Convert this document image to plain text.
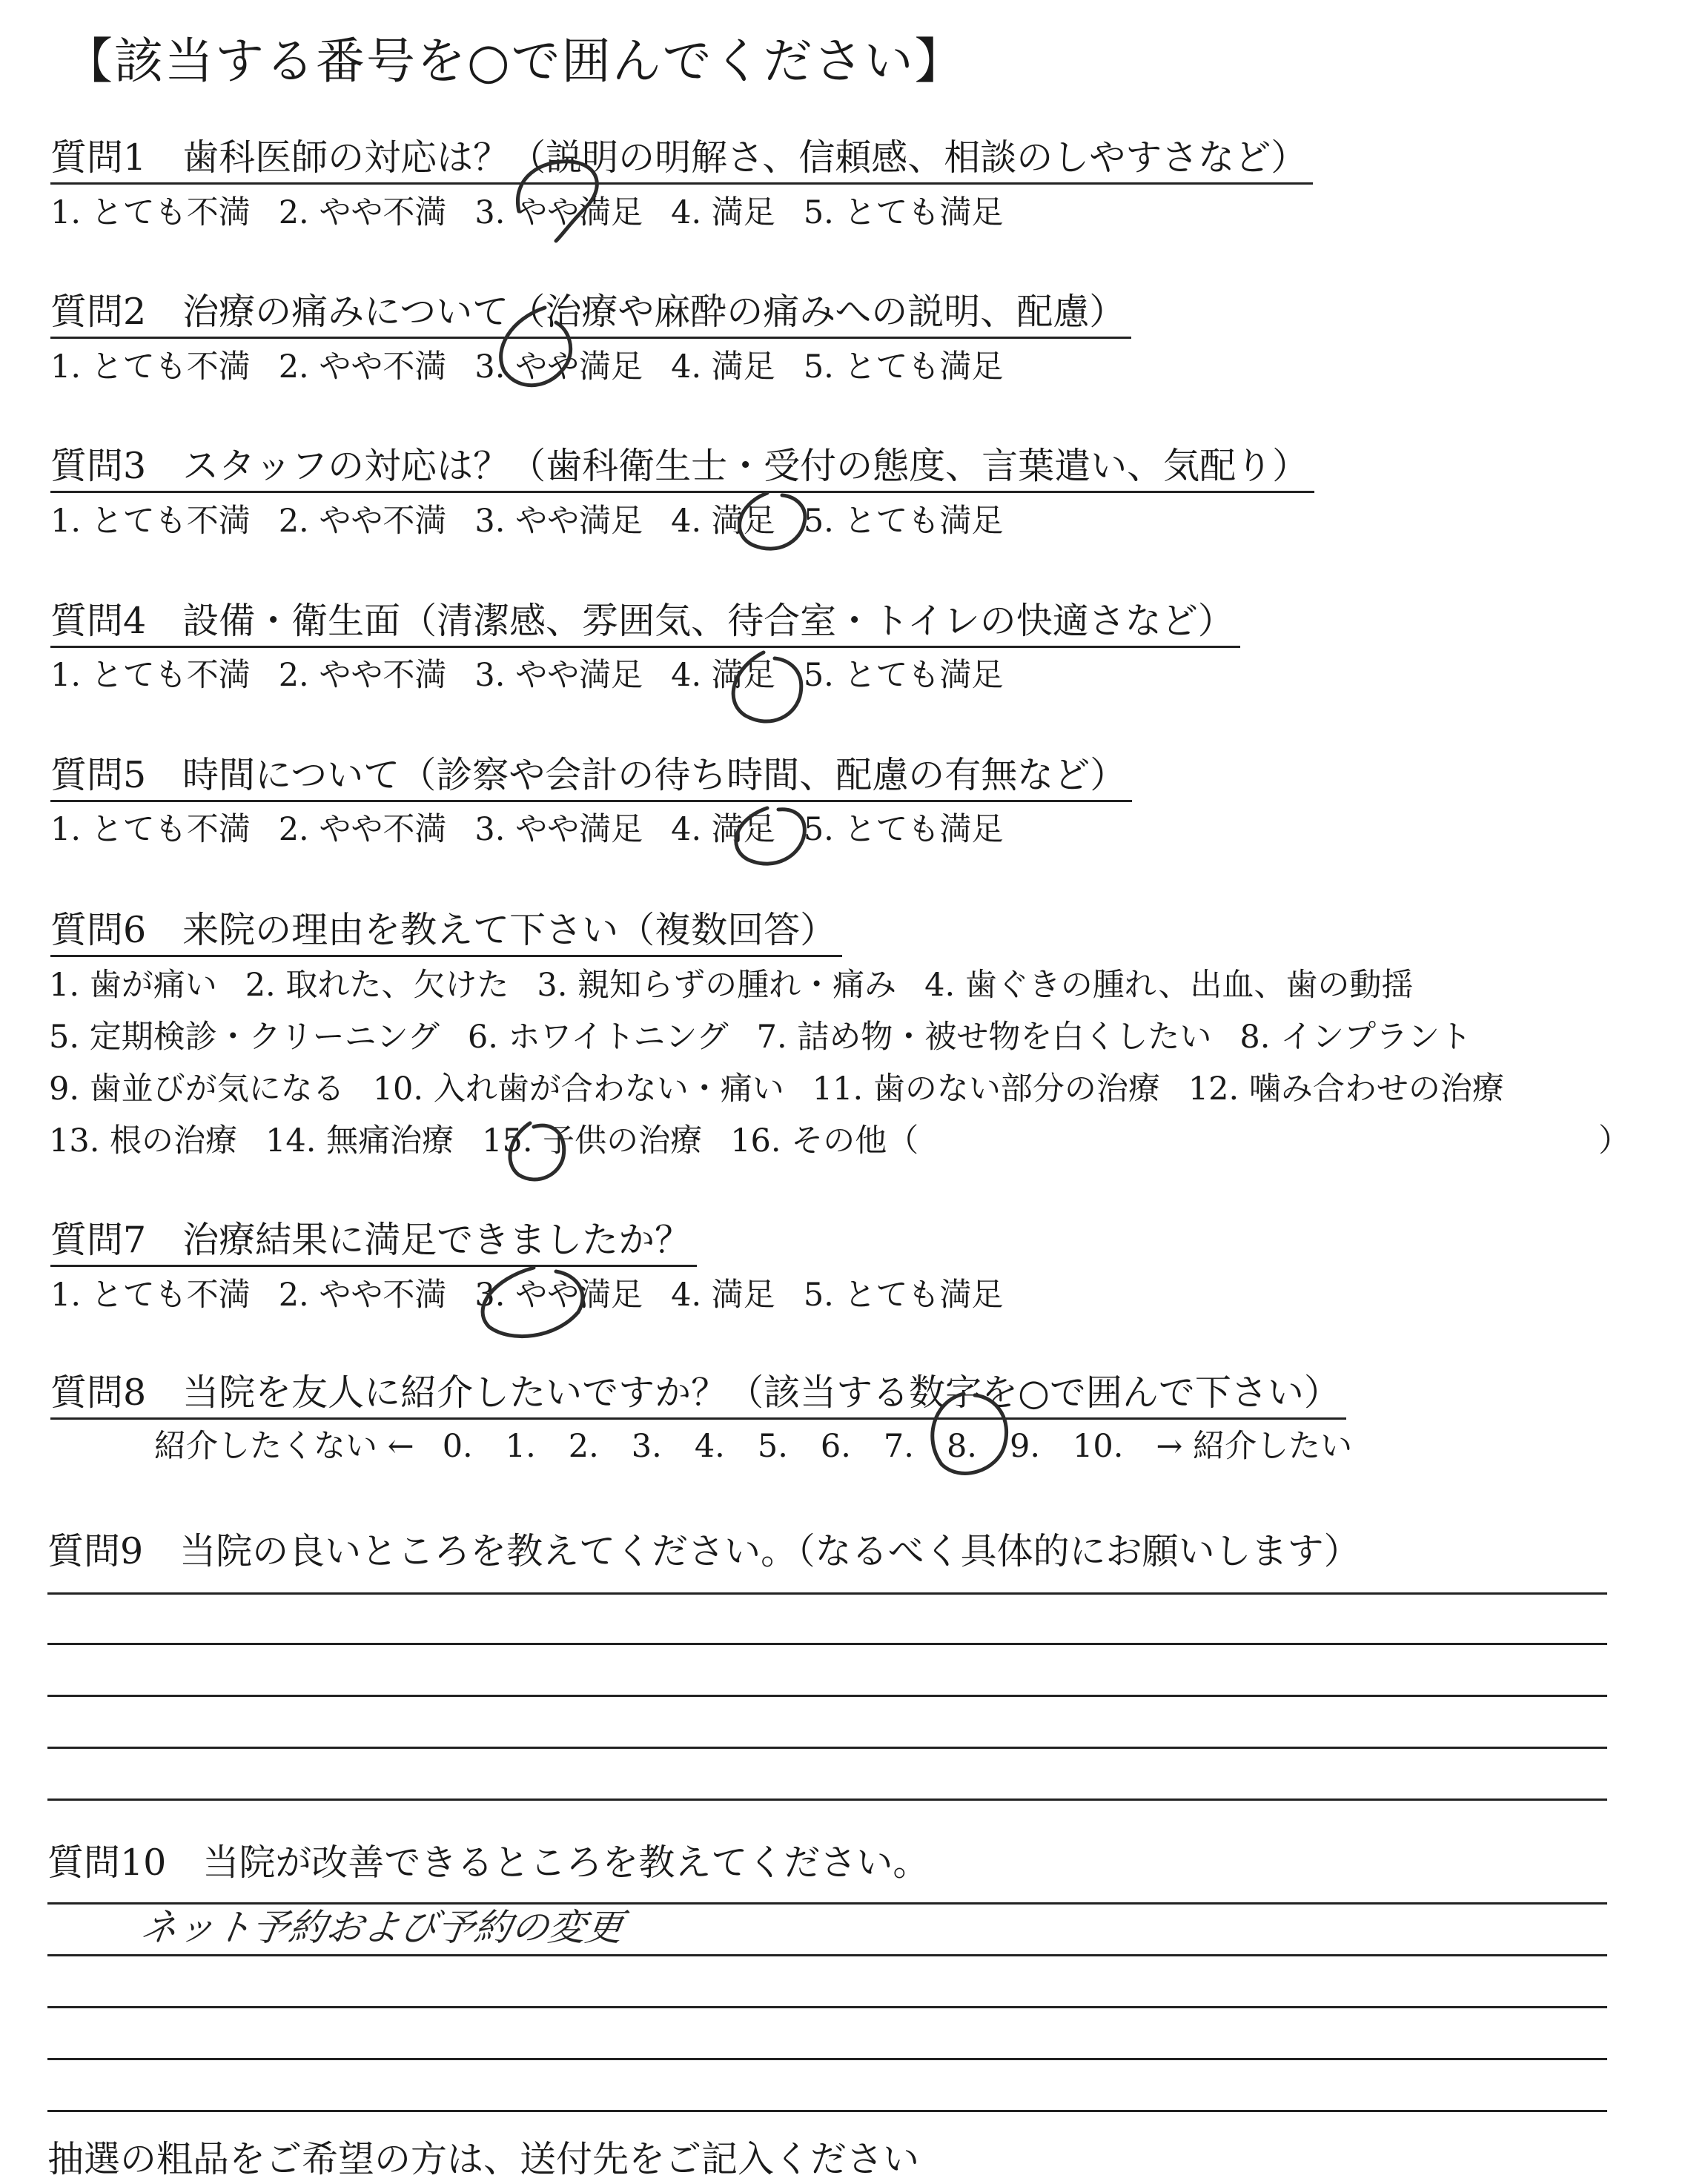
【該当する番号を○で囲んでください】
質問1　歯科医師の対応は？（説明の明解さ、信頼感、相談のしやすさなど）
1. とても不満 2. やや不満 3. やや満足 4. 満足 5. とても満足
質問2　治療の痛みについて（治療や麻酔の痛みへの説明、配慮）
1. とても不満 2. やや不満 3. やや満足 4. 満足 5. とても満足
質問3　スタッフの対応は？（歯科衛生士・受付の態度、言葉遣い、気配り）
1. とても不満 2. やや不満 3. やや満足 4. 満足 5. とても満足
質問4　設備・衛生面（清潔感、雰囲気、待合室・トイレの快適さなど）
1. とても不満 2. やや不満 3. やや満足 4. 満足 5. とても満足
質問5　時間について（診察や会計の待ち時間、配慮の有無など）
1. とても不満 2. やや不満 3. やや満足 4. 満足 5. とても満足
質問6　来院の理由を教えて下さい（複数回答）
1. 歯が痛い 2. 取れた、欠けた 3. 親知らずの腫れ・痛み 4. 歯ぐきの腫れ、出血、歯の動揺
5. 定期検診・クリーニング 6. ホワイトニング 7. 詰め物・被せ物を白くしたい 8. インプラント
9. 歯並びが気になる 10. 入れ歯が合わない・痛い 11. 歯のない部分の治療 12. 噛み合わせの治療
13. 根の治療 14. 無痛治療 15. 子供の治療 16. その他（	）
質問7　治療結果に満足できましたか？
1. とても不満 2. やや不満 3. やや満足 4. 満足 5. とても満足
質問8　当院を友人に紹介したいですか？（該当する数字を○で囲んで下さい）
紹介したくない ← 0. 1. 2. 3. 4. 5. 6. 7. 8. 9. 10. → 紹介したい
質問9　当院の良いところを教えてください。（なるべく具体的にお願いします）
質問10　当院が改善できるところを教えてください。
ネット予約および予約の変更
抽選の粗品をご希望の方は、送付先をご記入ください
